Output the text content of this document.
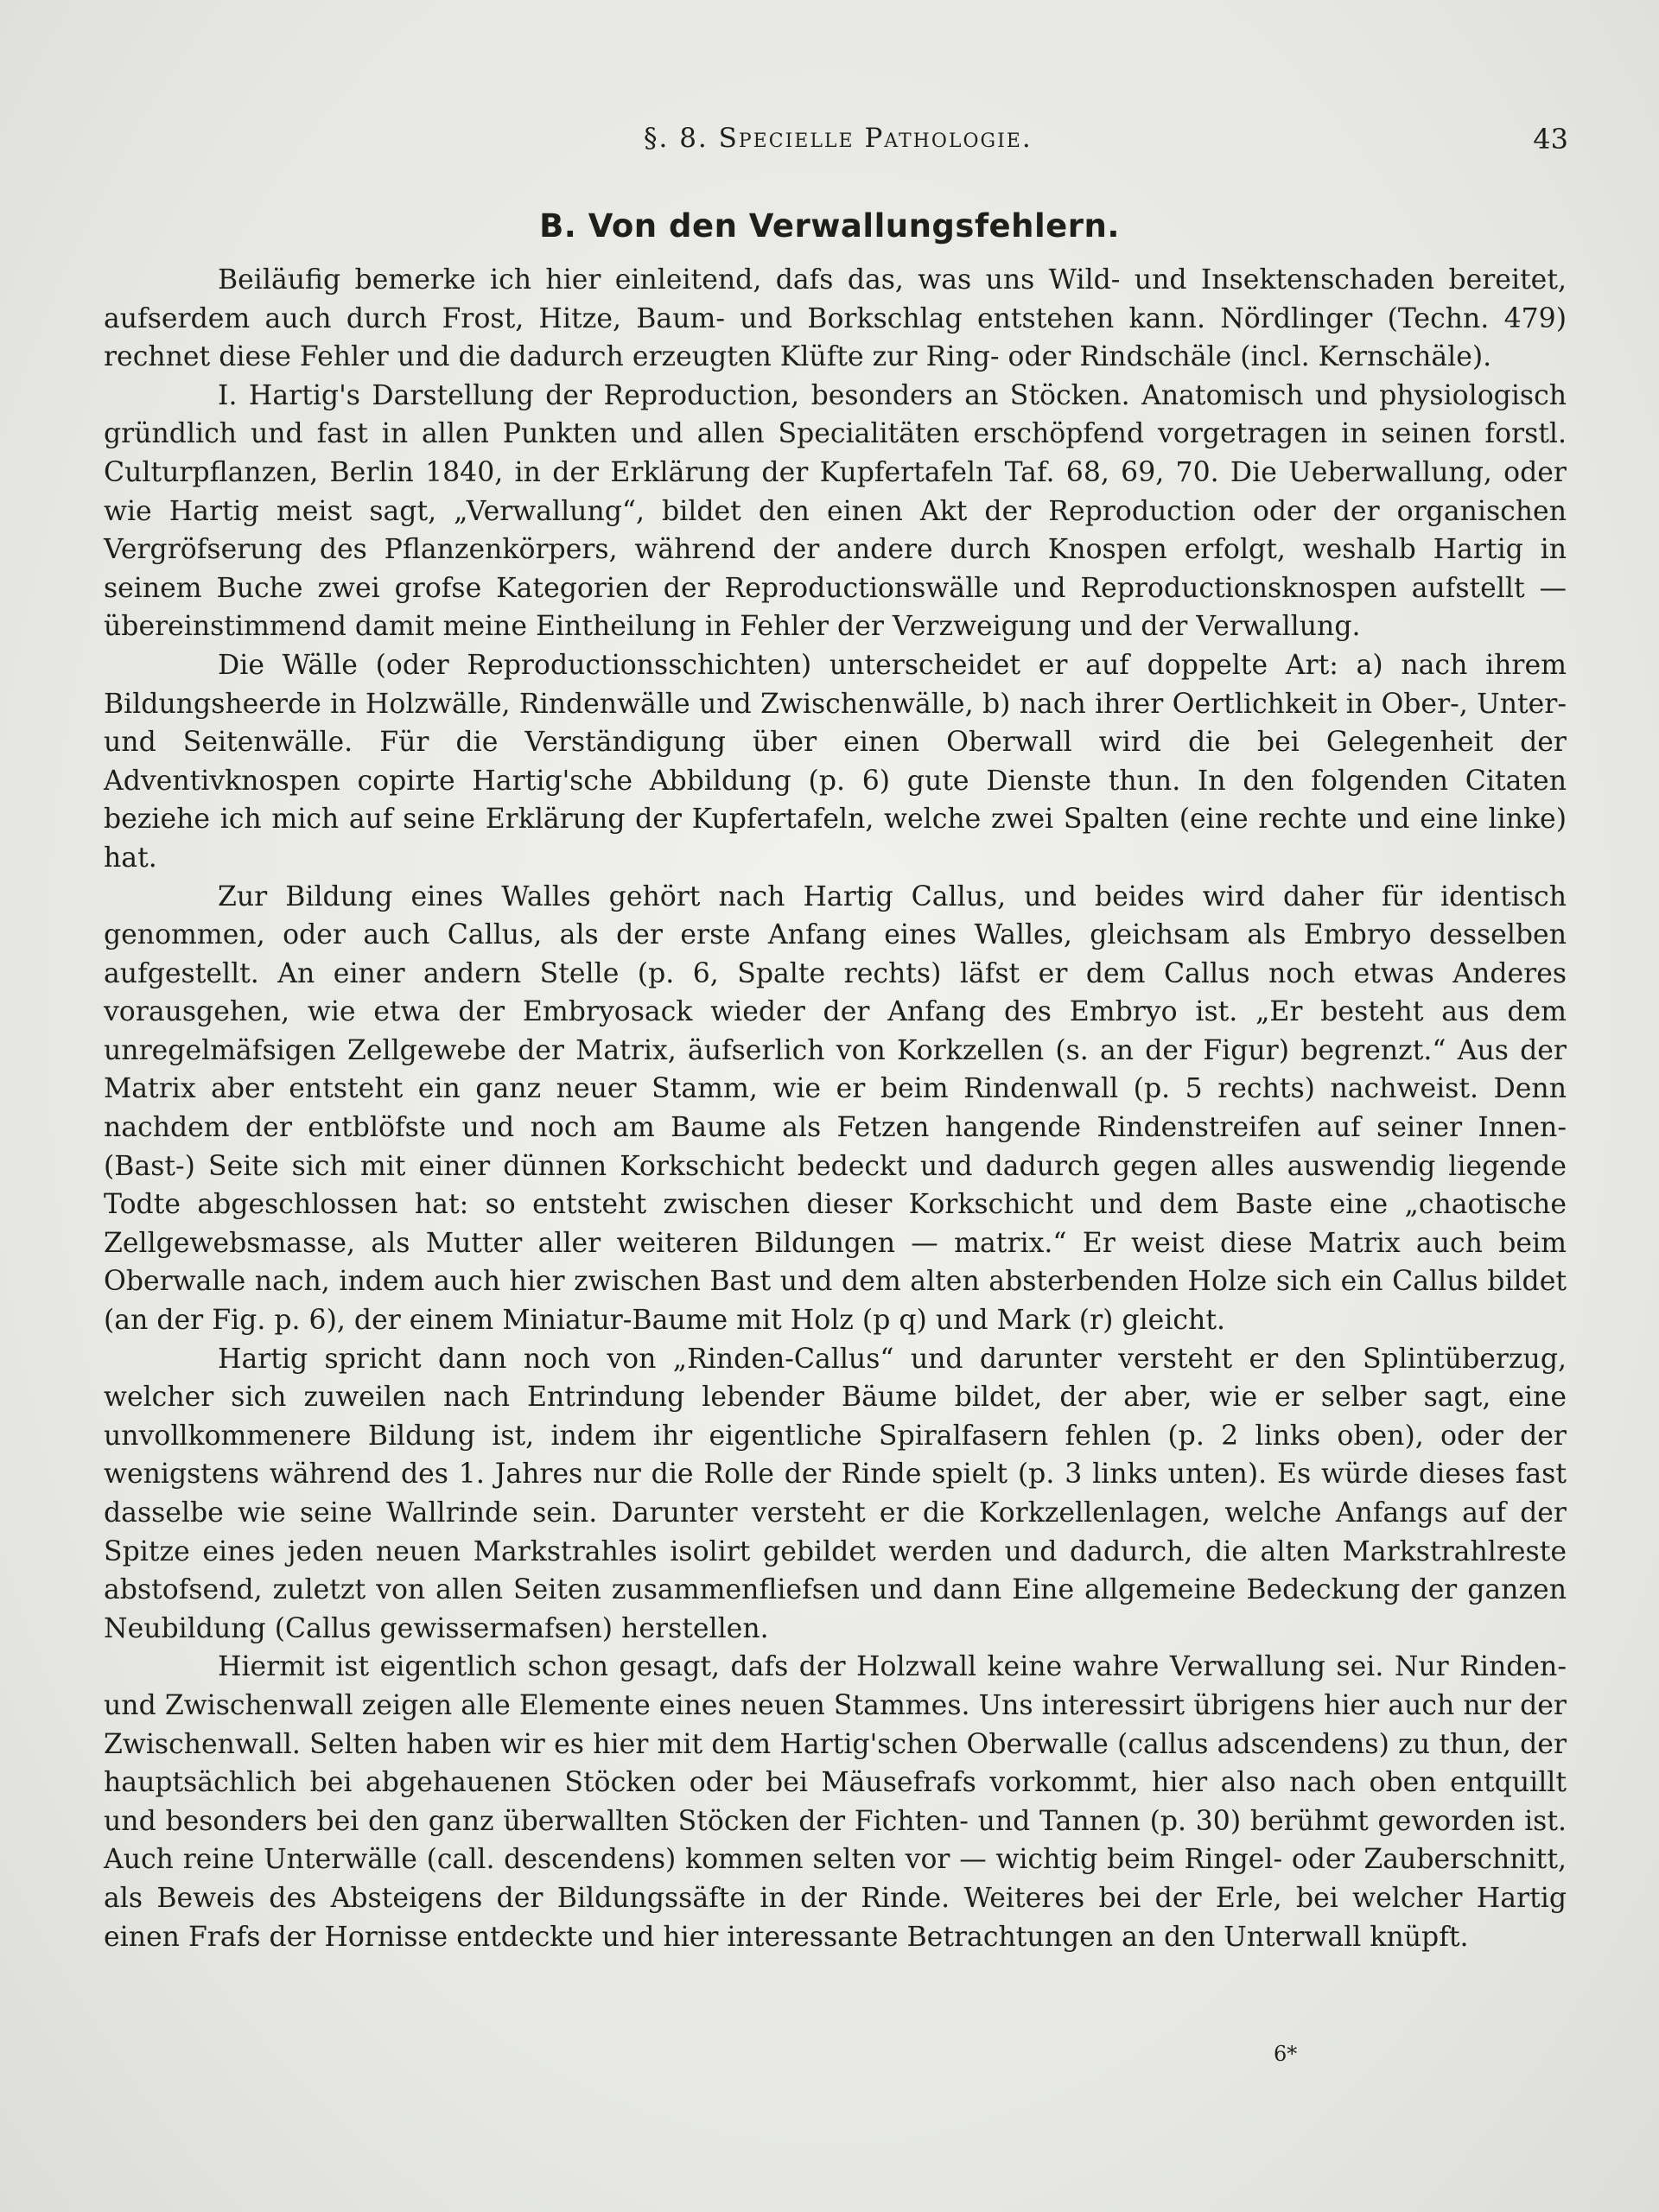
§. 8. Specielle Pathologie.	43
B. Von den Verwallungsfehlern.

Beiläufig bemerke ich hier einleitend, dafs das, was uns Wild- und Insektenschaden bereitet, aufserdem auch durch Frost, Hitze, Baum- und Borkschlag entstehen kann. Nördlinger (Techn. 479) rechnet diese Fehler und die dadurch erzeugten Klüfte zur Ring- oder Rindschäle (incl. Kernschäle).

I. Hartig's Darstellung der Reproduction, besonders an Stöcken. Anatomisch und physiologisch gründlich und fast in allen Punkten und allen Specialitäten erschöpfend vorgetragen in seinen forstl. Culturpflanzen, Berlin 1840, in der Erklärung der Kupfertafeln Taf. 68, 69, 70. Die Ueberwallung, oder wie Hartig meist sagt, „Verwallung“, bildet den einen Akt der Reproduction oder der organischen Vergröfserung des Pflanzenkörpers, während der andere durch Knospen erfolgt, weshalb Hartig in seinem Buche zwei grofse Kategorien der Reproductionswälle und Reproductionsknospen aufstellt — übereinstimmend damit meine Eintheilung in Fehler der Verzweigung und der Verwallung.

Die Wälle (oder Reproductionsschichten) unterscheidet er auf doppelte Art: a) nach ihrem Bildungsheerde in Holzwälle, Rindenwälle und Zwischenwälle, b) nach ihrer Oertlichkeit in Ober-, Unter- und Seitenwälle. Für die Verständigung über einen Oberwall wird die bei Gelegenheit der Adventivknospen copirte Hartig'sche Abbildung (p. 6) gute Dienste thun. In den folgenden Citaten beziehe ich mich auf seine Erklärung der Kupfertafeln, welche zwei Spalten (eine rechte und eine linke) hat.

Zur Bildung eines Walles gehört nach Hartig Callus, und beides wird daher für identisch genommen, oder auch Callus, als der erste Anfang eines Walles, gleichsam als Embryo desselben aufgestellt. An einer andern Stelle (p. 6, Spalte rechts) läfst er dem Callus noch etwas Anderes vorausgehen, wie etwa der Embryosack wieder der Anfang des Embryo ist. „Er besteht aus dem unregelmäfsigen Zellgewebe der Matrix, äufserlich von Korkzellen (s. an der Figur) begrenzt.“ Aus der Matrix aber entsteht ein ganz neuer Stamm, wie er beim Rindenwall (p. 5 rechts) nachweist. Denn nachdem der entblöfste und noch am Baume als Fetzen hangende Rindenstreifen auf seiner Innen- (Bast-) Seite sich mit einer dünnen Korkschicht bedeckt und dadurch gegen alles auswendig liegende Todte abgeschlossen hat: so entsteht zwischen dieser Korkschicht und dem Baste eine „chaotische Zellgewebsmasse, als Mutter aller weiteren Bildungen — matrix.“ Er weist diese Matrix auch beim Oberwalle nach, indem auch hier zwischen Bast und dem alten absterbenden Holze sich ein Callus bildet (an der Fig. p. 6), der einem Miniatur-Baume mit Holz (p q) und Mark (r) gleicht.

Hartig spricht dann noch von „Rinden-Callus“ und darunter versteht er den Splintüberzug, welcher sich zuweilen nach Entrindung lebender Bäume bildet, der aber, wie er selber sagt, eine unvollkommenere Bildung ist, indem ihr eigentliche Spiralfasern fehlen (p. 2 links oben), oder der wenigstens während des 1. Jahres nur die Rolle der Rinde spielt (p. 3 links unten). Es würde dieses fast dasselbe wie seine Wallrinde sein. Darunter versteht er die Korkzellenlagen, welche Anfangs auf der Spitze eines jeden neuen Markstrahles isolirt gebildet werden und dadurch, die alten Markstrahlreste abstofsend, zuletzt von allen Seiten zusammenfliefsen und dann Eine allgemeine Bedeckung der ganzen Neubildung (Callus gewissermafsen) herstellen.

Hiermit ist eigentlich schon gesagt, dafs der Holzwall keine wahre Verwallung sei. Nur Rinden- und Zwischenwall zeigen alle Elemente eines neuen Stammes. Uns interessirt übrigens hier auch nur der Zwischenwall. Selten haben wir es hier mit dem Hartig'schen Oberwalle (callus adscendens) zu thun, der hauptsächlich bei abgehauenen Stöcken oder bei Mäusefrafs vorkommt, hier also nach oben entquillt und besonders bei den ganz überwallten Stöcken der Fichten- und Tannen (p. 30) berühmt geworden ist. Auch reine Unterwälle (call. descendens) kommen selten vor — wichtig beim Ringel- oder Zauberschnitt, als Beweis des Absteigens der Bildungssäfte in der Rinde. Weiteres bei der Erle, bei welcher Hartig einen Frafs der Hornisse entdeckte und hier interessante Betrachtungen an den Unterwall knüpft.

6*
